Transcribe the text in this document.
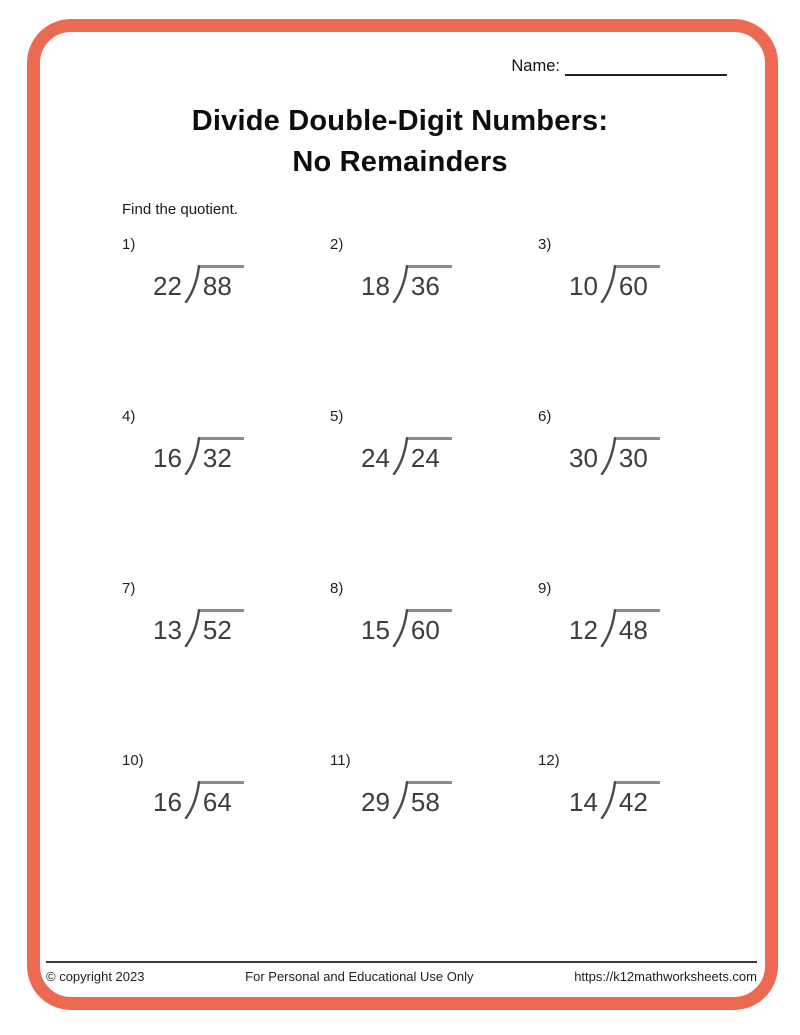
Name:
Divide Double-Digit Numbers:
No Remainders
Find the quotient.
1)
22 88
2)
18 36
3)
10 60
4)
16 32
5)
24 24
6)
30 30
7)
13 52
8)
15 60
9)
12 48
10)
16 64
11)
29 58
12)
14 42
© copyright 2023	For Personal and Educational Use Only	https://k12mathworksheets.com
